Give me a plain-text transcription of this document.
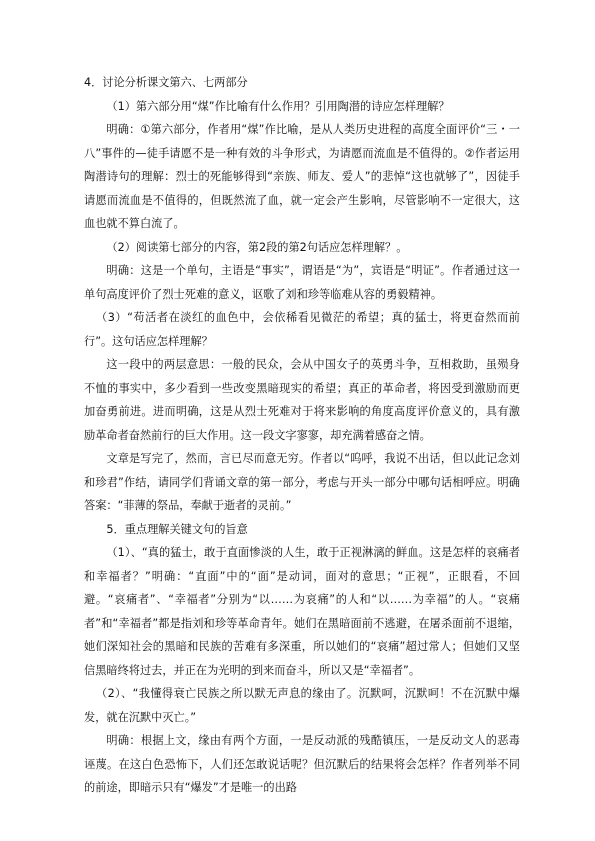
4．讨论分析课文第六、七两部分

（1）第六部分用“煤”作比喻有什么作用？引用陶潜的诗应怎样理解？

明确：①第六部分，作者用“煤”作比喻，是从人类历史进程的高度全面评价“三・一八”事件的—徒手请愿不是一种有效的斗争形式，为请愿而流血是不值得的。②作者运用陶潜诗句的理解：烈士的死能够得到“亲族、师友、爱人”的悲悼“这也就够了”，因徒手请愿而流血是不值得的，但既然流了血，就一定会产生影响，尽管影响不一定很大，这血也就不算白流了。

（2）阅读第七部分的内容，第2段的第2句话应怎样理解？。

明确：这是一个单句，主语是“事实”，谓语是“为”，宾语是“明证”。作者通过这一单句高度评价了烈士死难的意义，讴歌了刘和珍等临难从容的勇毅精神。

（3）“苟活者在淡红的血色中，会依稀看见微茫的希望；真的猛士，将更奋然而前行”。这句话应怎样理解？

这一段中的两层意思：一般的民众，会从中国女子的英勇斗争，互相救助，虽殒身不恤的事实中，多少看到一些改变黑暗现实的希望；真正的革命者，将因受到激励而更加奋勇前进。进而明确，这是从烈士死难对于将来影响的角度高度评价意义的，具有激励革命者奋然前行的巨大作用。这一段文字寥寥，却充满着感奋之情。

文章是写完了，然而，言已尽而意无穷。作者以“呜呼，我说不出话，但以此记念刘和珍君”作结，请同学们背诵文章的第一部分，考虑与开头一部分中哪句话相呼应。明确答案：“菲薄的祭品，奉献于逝者的灵前。”

5．重点理解关键文句的旨意

（1）、“真的猛士，敢于直面惨淡的人生，敢于正视淋漓的鲜血。这是怎样的哀痛者和幸福者？”明确：“直面”中的“面”是动词，面对的意思；“正视”，正眼看，不回避。“哀痛者”、“幸福者”分别为“以……为哀痛”的人和“以……为幸福”的人。“哀痛者”和“幸福者”都是指刘和珍等革命青年。她们在黑暗面前不逃避，在屠杀面前不退缩，她们深知社会的黑暗和民族的苦难有多深重，所以她们的“哀痛”超过常人；但她们又坚信黑暗终将过去，并正在为光明的到来而奋斗，所以又是“幸福者”。

（2）、“我懂得衰亡民族之所以默无声息的缘由了。沉默呵，沉默呵！不在沉默中爆发，就在沉默中灭亡。”

明确：根据上文，缘由有两个方面，一是反动派的残酷镇压，一是反动文人的恶毒诬蔑。在这白色恐怖下，人们还怎敢说话呢？但沉默后的结果将会怎样？作者列举不同的前途，即暗示只有“爆发”才是唯一的出路
